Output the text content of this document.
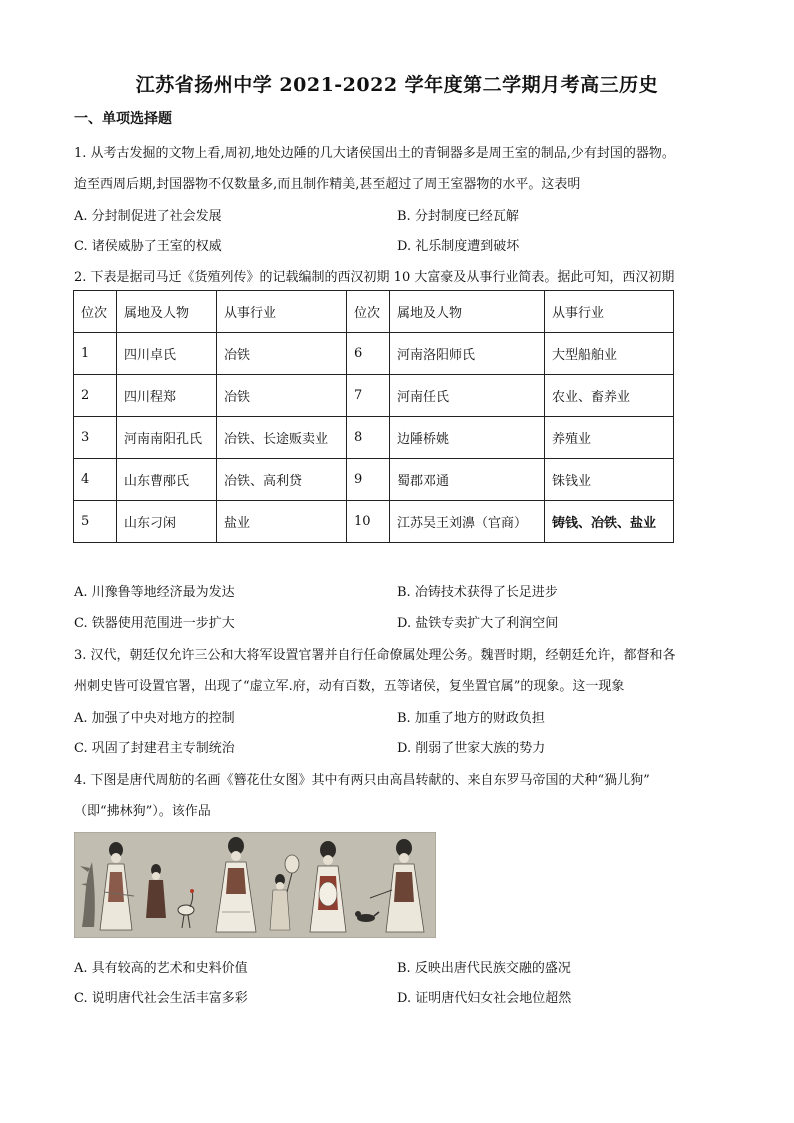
江苏省扬州中学 2021-2022 学年度第二学期月考高三历史
一、单项选择题
1. 从考古发掘的文物上看,周初,地处边陲的几大诸侯国出土的青铜器多是周王室的制品,少有封国的器物。
迨至西周后期,封国器物不仅数量多,而且制作精美,甚至超过了周王室器物的水平。这表明
A. 分封制促进了社会发展	B. 分封制度已经瓦解
C. 诸侯威胁了王室的权威	D. 礼乐制度遭到破坏
2. 下表是据司马迁《货殖列传》的记载编制的西汉初期 10 大富豪及从事行业简表。据此可知，西汉初期
位次	属地及人物	从事行业	位次	属地及人物	从事行业
1	四川卓氏	冶铁	6	河南洛阳师氏	大型船舶业
2	四川程郑	冶铁	7	河南任氏	农业、畜养业
3	河南南阳孔氏	冶铁、长途贩卖业	8	边陲桥姚	养殖业
4	山东曹邴氏	冶铁、高利贷	9	蜀郡邓通	铢钱业
5	山东刁闲	盐业	10	江苏吴王刘濞（官商）	铸钱、冶铁、盐业
A. 川豫鲁等地经济最为发达	B. 冶铸技术获得了长足进步
C. 铁器使用范围进一步扩大	D. 盐铁专卖扩大了利润空间
3. 汉代，朝廷仅允许三公和大将军设置官署并自行任命僚属处理公务。魏晋时期，经朝廷允许，都督和各
州刺史皆可设置官署，出现了“虚立军.府，动有百数，五等诸侯，复坐置官属”的现象。这一现象
A. 加强了中央对地方的控制	B. 加重了地方的财政负担
C. 巩固了封建君主专制统治	D. 削弱了世家大族的势力
4. 下图是唐代周舫的名画《簪花仕女图》其中有两只由高昌转献的、来自东罗马帝国的犬种“猧儿狗”
（即“拂林狗”）。该作品
A. 具有较高的艺术和史料价值	B. 反映出唐代民族交融的盛况
C. 说明唐代社会生活丰富多彩	D. 证明唐代妇女社会地位超然
